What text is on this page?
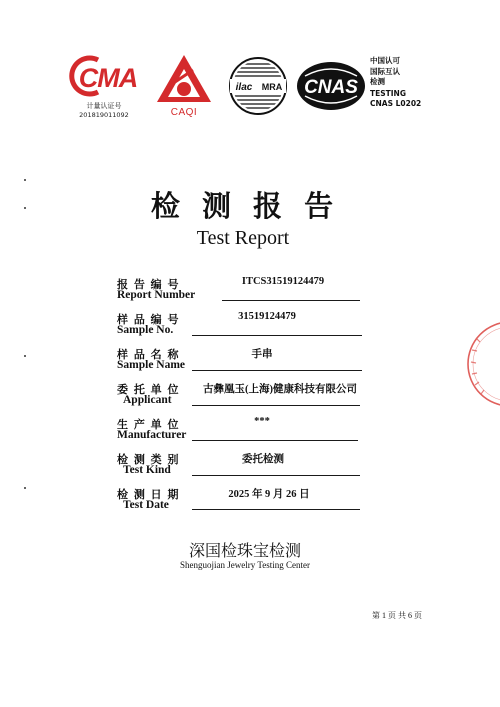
CMA
计量认证号
201819011092	CAQI
ilac MRA CNAS
中国认可
国际互认
检测
TESTING
CNAS L0202
检 测 报 告
Test Report
报 告 编 号
Report Number
ITCS31519124479
样 品 编 号
Sample No.
31519124479
样 品 名 称
Sample Name
手串
委 托 单 位
Applicant
古彝凰玉(上海)健康科技有限公司
生 产 单 位
Manufacturer
***
检 测 类 别
Test Kind
委托检测
检 测 日 期
Test Date
2025 年 9 月 26 日
深国检珠宝检测
Shenguojian Jewelry Testing Center
第 1 页 共 6 页
